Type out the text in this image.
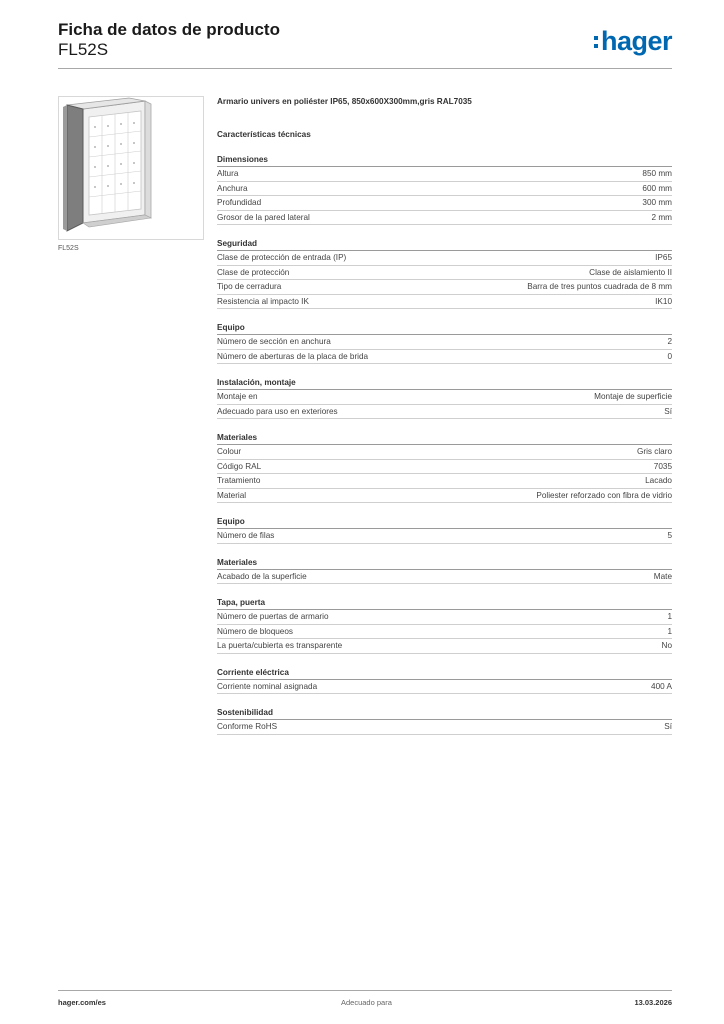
Ficha de datos de producto
FL52S	hager
FL52S
Armario univers en poliéster IP65, 850x600X300mm,gris RAL7035
Características técnicas
Dimensiones
Altura	850 mm
Anchura	600 mm
Profundidad	300 mm
Grosor de la pared lateral	2 mm
Seguridad
Clase de protección de entrada (IP)	IP65
Clase de protección	Clase de aislamiento II
Tipo de cerradura	Barra de tres puntos cuadrada de 8 mm
Resistencia al impacto IK	IK10
Equipo
Número de sección en anchura	2
Número de aberturas de la placa de brida	0
Instalación, montaje
Montaje en	Montaje de superficie
Adecuado para uso en exteriores	Sí
Materiales
Colour	Gris claro
Código RAL	7035
Tratamiento	Lacado
Material	Poliester reforzado con fibra de vidrio
Equipo
Número de filas	5
Materiales
Acabado de la superficie	Mate
Tapa, puerta
Número de puertas de armario	1
Número de bloqueos	1
La puerta/cubierta es transparente	No
Corriente eléctrica
Corriente nominal asignada	400 A
Sostenibilidad
Conforme RoHS	Sí
hager.com/es	Adecuado para	13.03.2026
